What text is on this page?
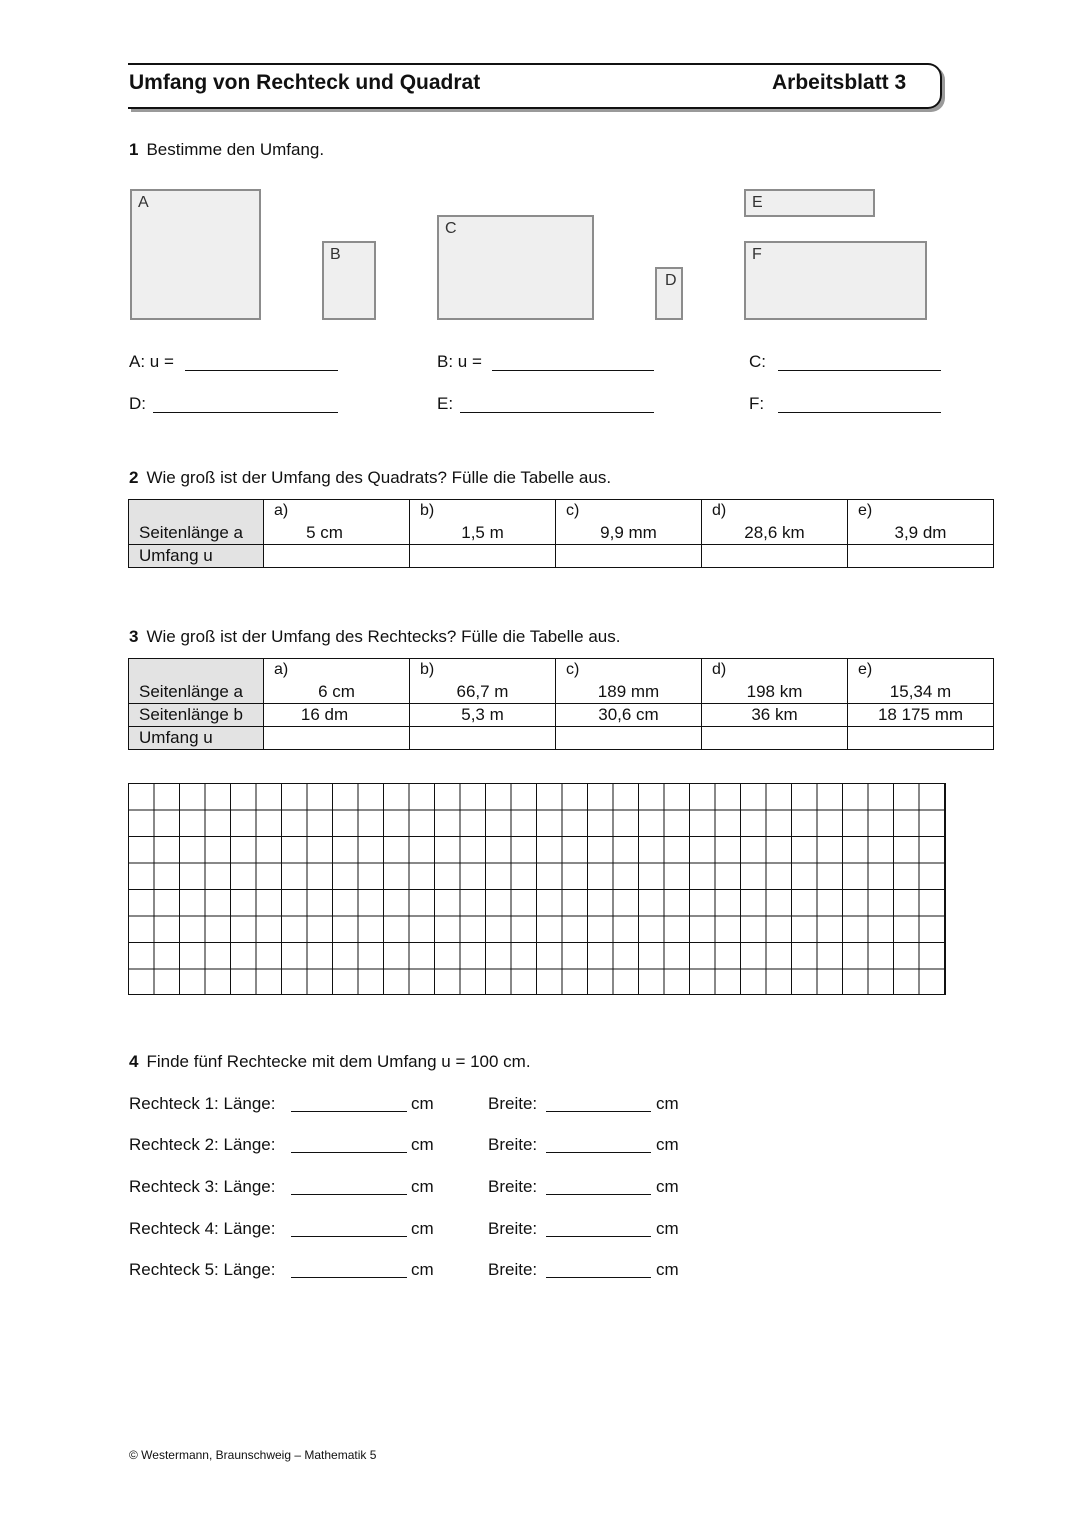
Umfang von Rechteck und Quadrat	Arbeitsblatt 3
1 Bestimme den Umfang.
A
B
C
D
E
F
A: u =	B: u =	C:
D:	E:	F:
2 Wie groß ist der Umfang des Quadrats? Fülle die Tabelle aus.
	a)	b)	c)	d)	e)
Seitenlänge a	5 cm	1,5 m	9,9 mm	28,6 km	3,9 dm
Umfang u					
3 Wie groß ist der Umfang des Rechtecks? Fülle die Tabelle aus.
	a)	b)	c)	d)	e)
Seitenlänge a	6 cm	66,7 m	189 mm	198 km	15,34 m
Seitenlänge b	16 dm	5,3 m	30,6 cm	36 km	18 175 mm
Umfang u					
4 Finde fünf Rechtecke mit dem Umfang u = 100 cm.
Rechteck 1: Länge:	cm	Breite:	cm
Rechteck 2: Länge:	cm	Breite:	cm
Rechteck 3: Länge:	cm	Breite:	cm
Rechteck 4: Länge:	cm	Breite:	cm
Rechteck 5: Länge:	cm	Breite:	cm
© Westermann, Braunschweig – Mathematik 5
